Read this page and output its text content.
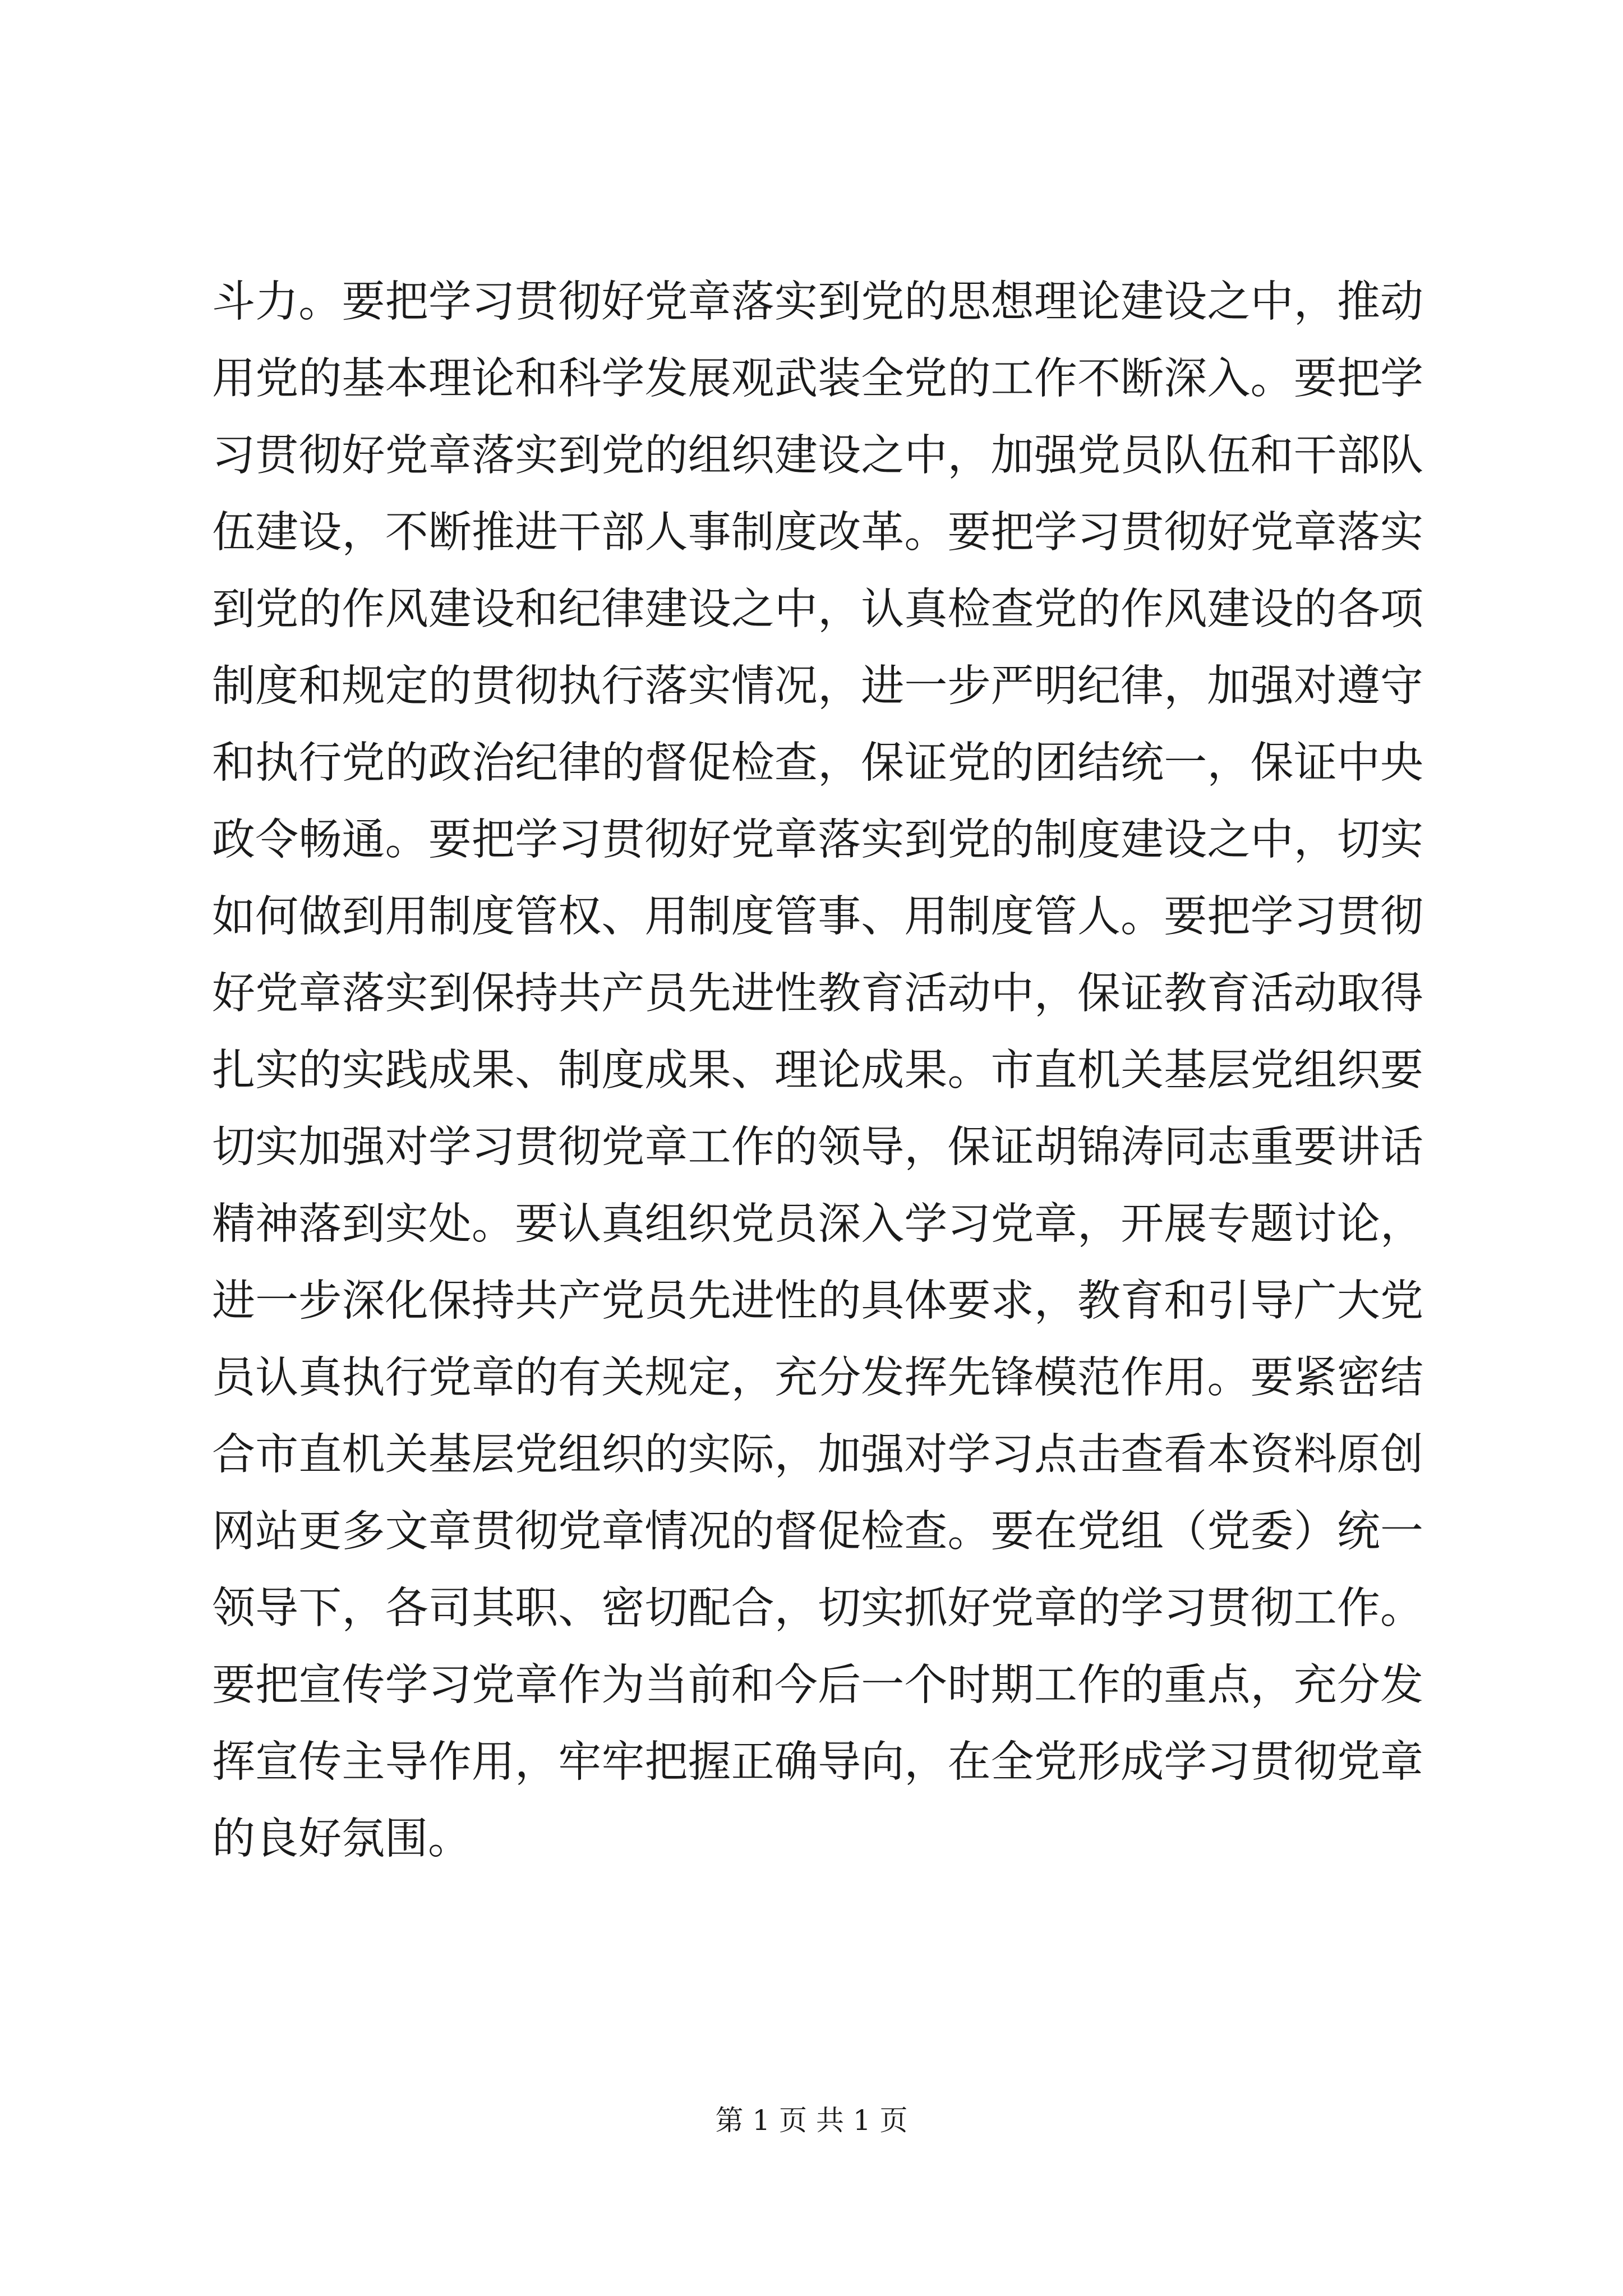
斗力。要把学习贯彻好党章落实到党的思想理论建设之中，推动
用党的基本理论和科学发展观武装全党的工作不断深入。要把学
习贯彻好党章落实到党的组织建设之中，加强党员队伍和干部队
伍建设，不断推进干部人事制度改革。要把学习贯彻好党章落实
到党的作风建设和纪律建设之中，认真检查党的作风建设的各项
制度和规定的贯彻执行落实情况，进一步严明纪律，加强对遵守
和执行党的政治纪律的督促检查，保证党的团结统一，保证中央
政令畅通。要把学习贯彻好党章落实到党的制度建设之中，切实
如何做到用制度管权、用制度管事、用制度管人。要把学习贯彻
好党章落实到保持共产员先进性教育活动中，保证教育活动取得
扎实的实践成果、制度成果、理论成果。市直机关基层党组织要
切实加强对学习贯彻党章工作的领导，保证胡锦涛同志重要讲话
精神落到实处。要认真组织党员深入学习党章，开展专题讨论，
进一步深化保持共产党员先进性的具体要求，教育和引导广大党
员认真执行党章的有关规定，充分发挥先锋模范作用。要紧密结
合市直机关基层党组织的实际，加强对学习点击查看本资料原创
网站更多文章贯彻党章情况的督促检查。要在党组（党委）统一
领导下，各司其职、密切配合，切实抓好党章的学习贯彻工作。
要把宣传学习党章作为当前和今后一个时期工作的重点，充分发
挥宣传主导作用，牢牢把握正确导向，在全党形成学习贯彻党章
的良好氛围。
第 1 页 共 1 页
